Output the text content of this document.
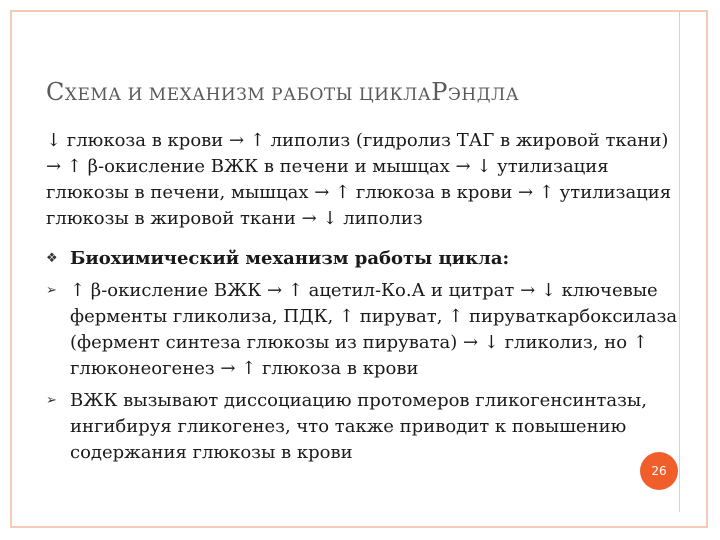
СХЕМА И МЕХАНИЗМ РАБОТЫ ЦИКЛАРЭНДЛА
↓ глюкоза в крови → ↑ липолиз (гидролиз ТАГ в жировой ткани) → ↑ β-окисление ВЖК в печени и мышцах → ↓ утилизация глюкозы в печени, мышцах → ↑ глюкоза в крови → ↑ утилизация глюкозы в жировой ткани → ↓ липолиз
❖ Биохимический механизм работы цикла:
➢ ↑ β-окисление ВЖК → ↑ ацетил-Ко.А и цитрат → ↓ ключевые ферменты гликолиза, ПДК, ↑ пируват, ↑ пируваткарбоксилаза (фермент синтеза глюкозы из пирувата) → ↓ гликолиз, но ↑ глюконеогенез → ↑ глюкоза в крови
➢ ВЖК вызывают диссоциацию протомеров гликогенсинтазы, ингибируя гликогенез, что также приводит к повышению содержания глюкозы в крови
26
